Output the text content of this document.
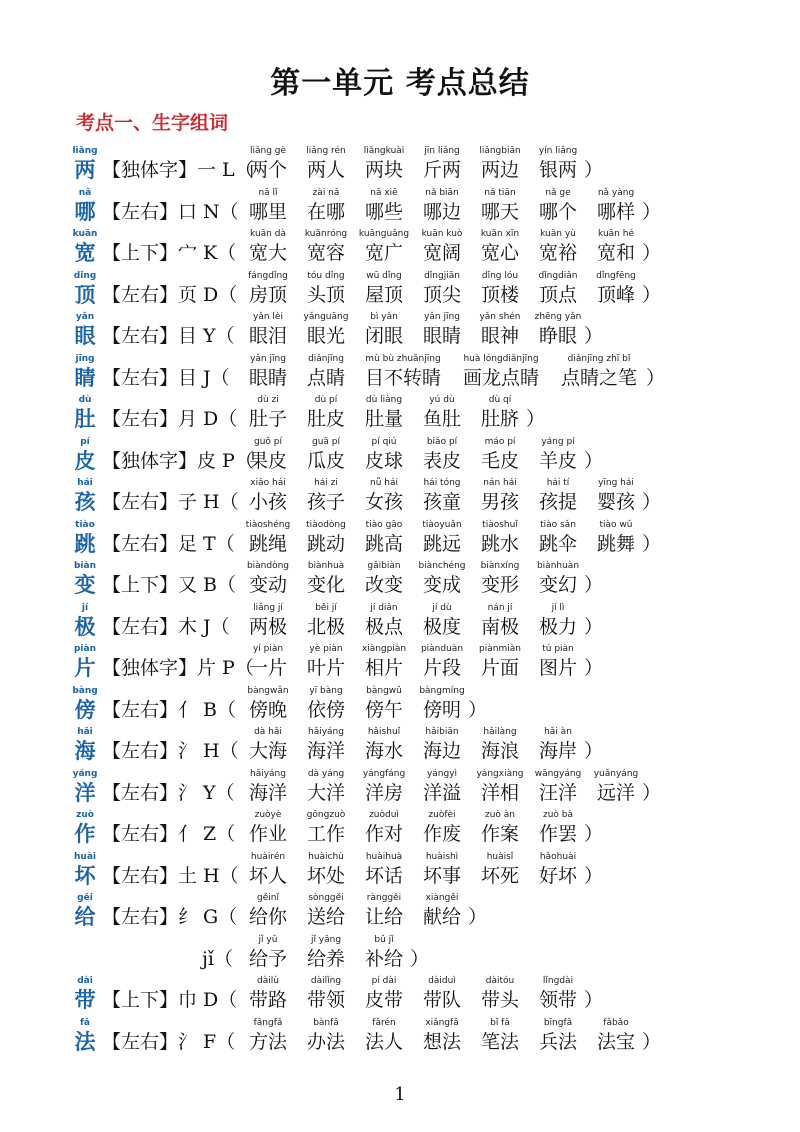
第一单元 考点总结
考点一、生字组词
liǎng
两 【独体字】一 L（
liǎng gè
两个
liǎng rén
两人
liǎngkuài
两块
jīn liǎng
斤两
liǎngbiān
两边
yín liǎng
银两 ）
nǎ
哪 【左右】口 N（
nǎ lǐ
哪里
zài nǎ
在哪
nǎ xiē
哪些
nǎ biān
哪边
nǎ tiān
哪天
nǎ ge
哪个
nǎ yàng
哪样 ）
kuān
宽 【上下】宀 K（
kuān dà
宽大
kuānróng
宽容
kuānguǎng
宽广
kuān kuò
宽阔
kuān xīn
宽心
kuān yù
宽裕
kuān hé
宽和 ）
dǐng
顶 【左右】页 D（
fángdǐng
房顶
tóu dǐng
头顶
wū dǐng
屋顶
dǐngjiān
顶尖
dǐng lóu
顶楼
dǐngdiǎn
顶点
dǐngfēng
顶峰 ）
yǎn
眼 【左右】目 Y（
yǎn lèi
眼泪
yǎnguāng
眼光
bì yǎn
闭眼
yǎn jīng
眼睛
yǎn shén
眼神
zhēng yǎn
睁眼 ）
jīng
睛 【左右】目 J（
yǎn jīng
眼睛
diǎnjīng
点睛
mù bù zhuǎnjīng
目不转睛
huà lóngdiǎnjīng
画龙点睛
diǎnjīng zhī bǐ
点睛之笔 ）
dù
肚 【左右】月 D（
dù zi
肚子
dù pí
肚皮
dù liàng
肚量
yú dù
鱼肚
dù qí
肚脐 ）
pí
皮 【独体字】皮 P（
guǒ pí
果皮
guā pí
瓜皮
pí qiú
皮球
biǎo pí
表皮
máo pí
毛皮
yáng pí
羊皮 ）
hái
孩 【左右】子 H（
xiǎo hái
小孩
hái zi
孩子
nǚ hái
女孩
hái tóng
孩童
nán hái
男孩
hái tí
孩提
yīng hái
婴孩 ）
tiào
跳 【左右】足 T（
tiàoshéng
跳绳
tiàodòng
跳动
tiào gāo
跳高
tiàoyuǎn
跳远
tiàoshuǐ
跳水
tiào sǎn
跳伞
tiào wǔ
跳舞 ）
biàn
变 【上下】又 B（
biàndòng
变动
biànhuà
变化
gǎibiàn
改变
biànchéng
变成
biànxíng
变形
biànhuàn
变幻 ）
jí
极 【左右】木 J（
liǎng jí
两极
běi jí
北极
jí diǎn
极点
jí dù
极度
nán jí
南极
jí lì
极力 ）
piàn
片 【独体字】片 P（
yí piàn
一片
yè piàn
叶片
xiàngpiàn
相片
piànduàn
片段
piànmiàn
片面
tú piàn
图片 ）
bàng
傍 【左右】亻 B（
bàngwǎn
傍晚
yī bàng
依傍
bàngwǔ
傍午
bàngmíng
傍明 ）
hǎi
海 【左右】氵 H（
dà hǎi
大海
hǎiyáng
海洋
hǎishuǐ
海水
hǎibiān
海边
hǎilàng
海浪
hǎi àn
海岸 ）
yáng
洋 【左右】氵 Y（
hǎiyáng
海洋
dà yáng
大洋
yángfáng
洋房
yángyì
洋溢
yángxiàng
洋相
wāngyáng
汪洋
yuǎnyáng
远洋 ）
zuò
作 【左右】亻 Z（
zuòyè
作业
gōngzuò
工作
zuòduì
作对
zuòfèi
作废
zuò àn
作案
zuò bà
作罢 ）
huài
坏 【左右】土 H（
huàirén
坏人
huàichù
坏处
huàihuà
坏话
huàishì
坏事
huàisǐ
坏死
hǎohuài
好坏 ）
gěi
给 【左右】纟 G（
gěinǐ
给你
sònggěi
送给
rànggěi
让给
xiàngěi
献给 ）
jǐ（
jǐ yǔ
给予
jǐ yǎng
给养
bǔ jǐ
补给 ）
dài
带 【上下】巾 D（
dàilù
带路
dàilǐng
带领
pí dài
皮带
dàiduì
带队
dàitóu
带头
lǐngdài
领带 ）
fǎ
法 【左右】氵 F（
fāngfǎ
方法
bànfǎ
办法
fǎrén
法人
xiǎngfǎ
想法
bǐ fǎ
笔法
bīngfǎ
兵法
fǎbǎo
法宝 ）
1
